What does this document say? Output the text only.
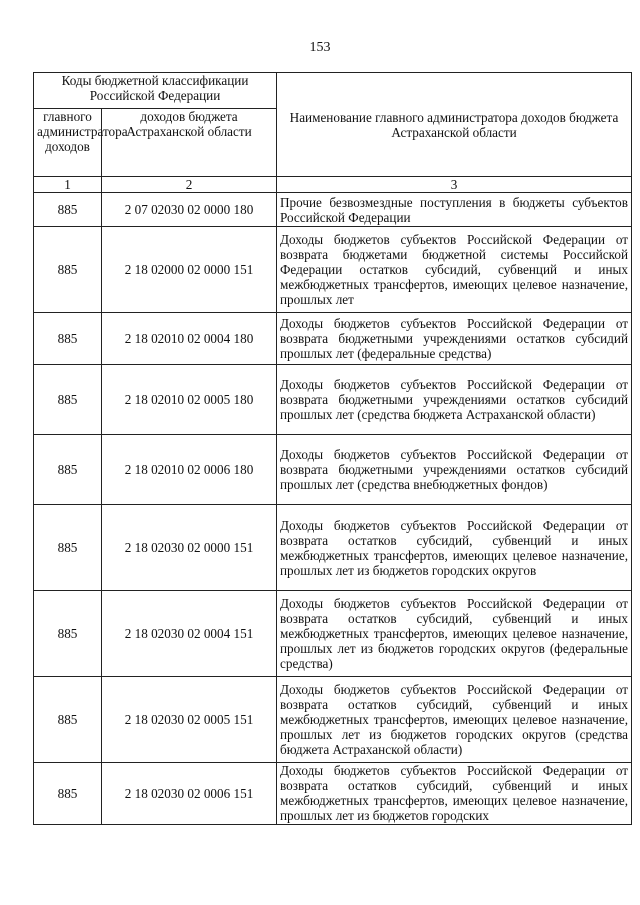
153
Коды бюджетной классификации Российской Федерации		Наименование главного администратора доходов бюджета Астраханской области
главного администратора доходов	доходов бюджета Астраханской области	
1	2	3
885	2 07 02030 02 0000 180	Прочие безвозмездные поступления в бюджеты субъектов Российской Федерации
885	2 18 02000 02 0000 151	Доходы бюджетов субъектов Российской Федерации от возврата бюджетами бюджетной системы Российской Федерации остатков субсидий, субвенций и иных межбюджетных трансфертов, имеющих целевое назначение, прошлых лет
885	2 18 02010 02 0004 180	Доходы бюджетов субъектов Российской Федерации от возврата бюджетными учреждениями остатков субсидий прошлых лет (федеральные средства)
885	2 18 02010 02 0005 180	Доходы бюджетов субъектов Российской Федерации от возврата бюджетными учреждениями остатков субсидий прошлых лет (средства бюджета Астраханской области)
885	2 18 02010 02 0006 180	Доходы бюджетов субъектов Российской Федерации от возврата бюджетными учреждениями остатков субсидий прошлых лет (средства внебюджетных фондов)
885	2 18 02030 02 0000 151	Доходы бюджетов субъектов Российской Федерации от возврата остатков субсидий, субвенций и иных межбюджетных трансфертов, имеющих целевое назначение, прошлых лет из бюджетов городских округов
885	2 18 02030 02 0004 151	Доходы бюджетов субъектов Российской Федерации от возврата остатков субсидий, субвенций и иных межбюджетных трансфертов, имеющих целевое назначение, прошлых лет из бюджетов городских округов (федеральные средства)
885	2 18 02030 02 0005 151	Доходы бюджетов субъектов Российской Федерации от возврата остатков субсидий, субвенций и иных межбюджетных трансфертов, имеющих целевое назначение, прошлых лет из бюджетов городских округов (средства бюджета Астраханской области)
885	2 18 02030 02 0006 151	Доходы бюджетов субъектов Российской Федерации от возврата остатков субсидий, субвенций и иных межбюджетных трансфертов, имеющих целевое назначение, прошлых лет из бюджетов городских
